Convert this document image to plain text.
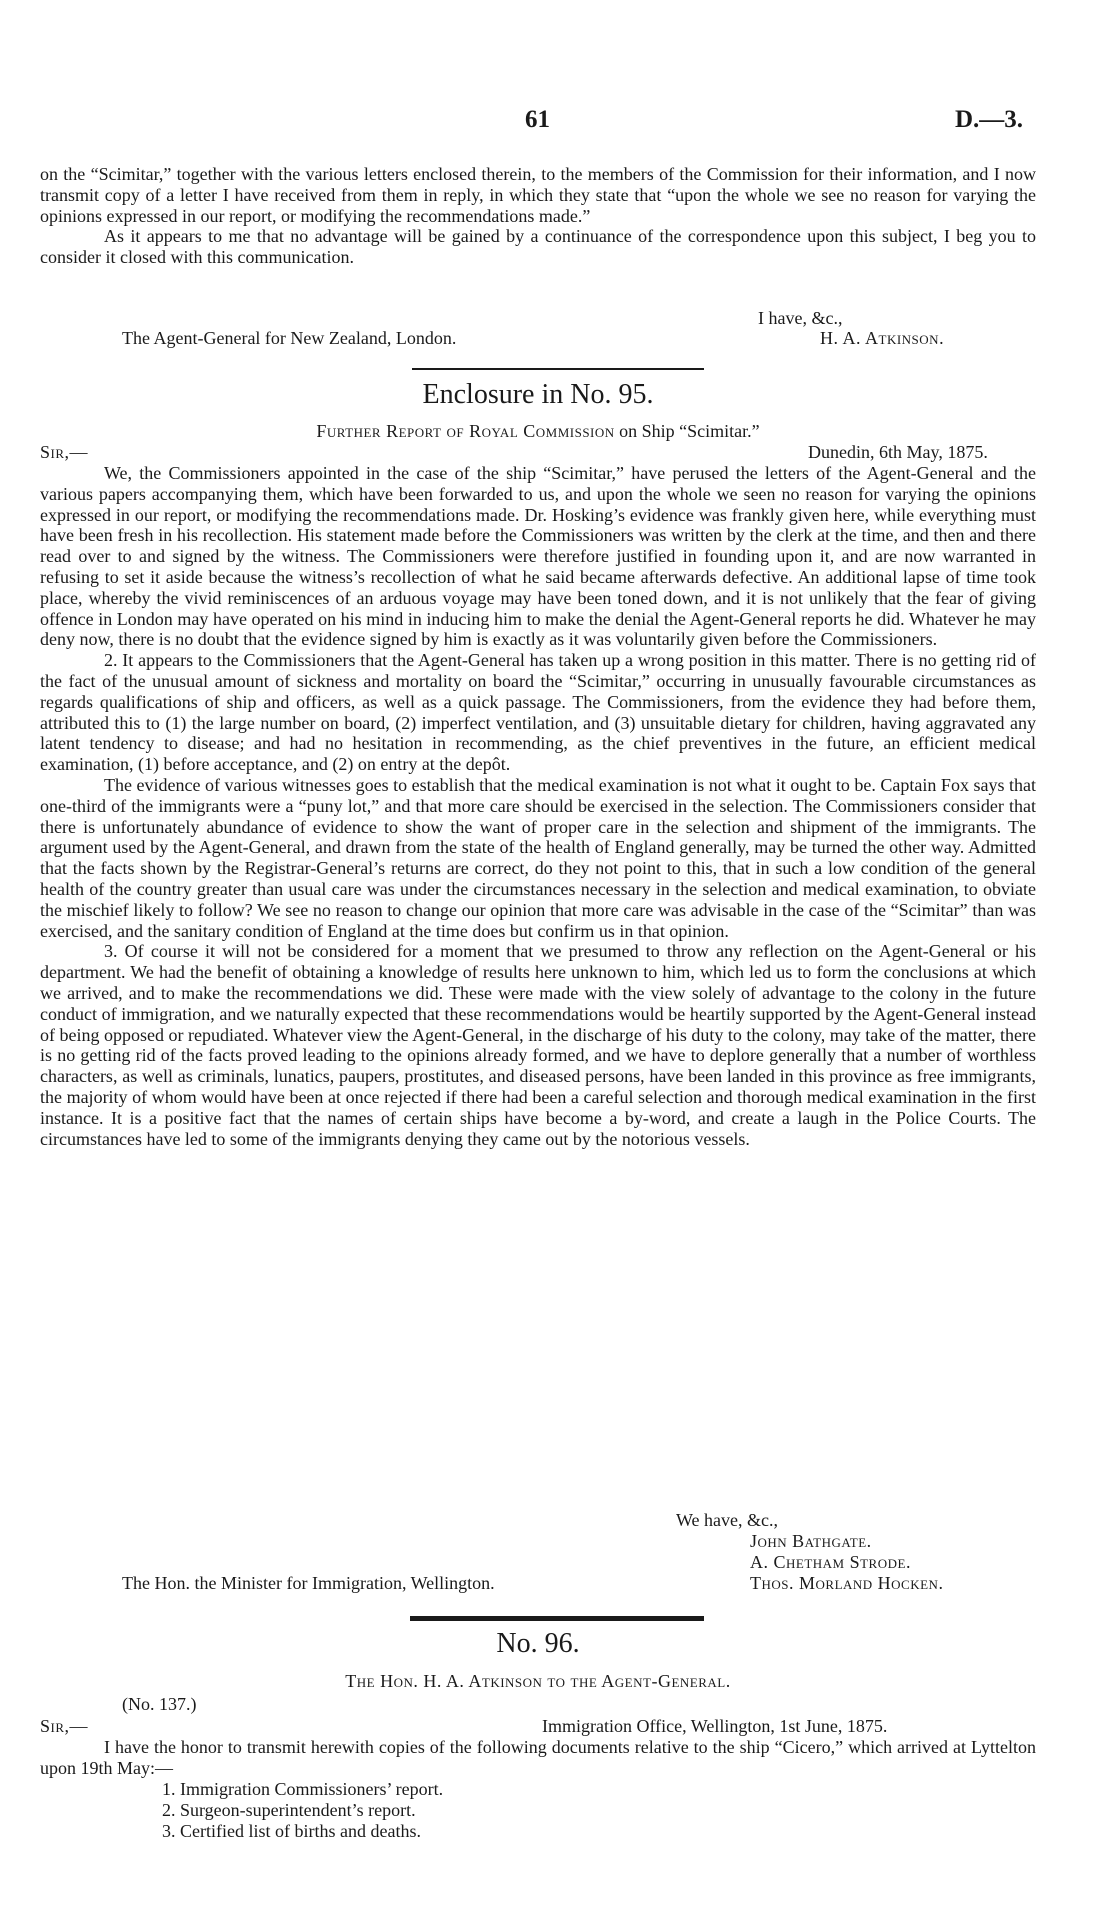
61	D.—3.

on the “Scimitar,” together with the various letters enclosed therein, to the members of the Commission for their information, and I now transmit copy of a letter I have received from them in reply, in which they state that “upon the whole we see no reason for varying the opinions expressed in our report, or modifying the recommendations made.”

As it appears to me that no advantage will be gained by a continuance of the correspondence upon this subject, I beg you to consider it closed with this communication.

I have, &c.,
The Agent-General for New Zealand, London.	H. A. Atkinson.
Enclosure in No. 95.
Further Report of Royal Commission on Ship “Scimitar.”
Sir,—	Dunedin, 6th May, 1875.

We, the Commissioners appointed in the case of the ship “Scimitar,” have perused the letters of the Agent-General and the various papers accompanying them, which have been forwarded to us, and upon the whole we seen no reason for varying the opinions expressed in our report, or modifying the recommendations made. Dr. Hosking’s evidence was frankly given here, while everything must have been fresh in his recollection. His statement made before the Commissioners was written by the clerk at the time, and then and there read over to and signed by the witness. The Commissioners were therefore justified in founding upon it, and are now warranted in refusing to set it aside because the witness’s recollection of what he said became afterwards defective. An additional lapse of time took place, whereby the vivid reminiscences of an arduous voyage may have been toned down, and it is not unlikely that the fear of giving offence in London may have operated on his mind in inducing him to make the denial the Agent-General reports he did. Whatever he may deny now, there is no doubt that the evidence signed by him is exactly as it was voluntarily given before the Commissioners.

2. It appears to the Commissioners that the Agent-General has taken up a wrong position in this matter. There is no getting rid of the fact of the unusual amount of sickness and mortality on board the “Scimitar,” occurring in unusually favourable circumstances as regards qualifications of ship and officers, as well as a quick passage. The Commissioners, from the evidence they had before them, attributed this to (1) the large number on board, (2) imperfect ventilation, and (3) unsuitable dietary for children, having aggravated any latent tendency to disease; and had no hesitation in recommending, as the chief preventives in the future, an efficient medical examination, (1) before acceptance, and (2) on entry at the depôt.

The evidence of various witnesses goes to establish that the medical examination is not what it ought to be. Captain Fox says that one-third of the immigrants were a “puny lot,” and that more care should be exercised in the selection. The Commissioners consider that there is unfortunately abundance of evidence to show the want of proper care in the selection and shipment of the immigrants. The argument used by the Agent-General, and drawn from the state of the health of England generally, may be turned the other way. Admitted that the facts shown by the Registrar-General’s returns are correct, do they not point to this, that in such a low condition of the general health of the country greater than usual care was under the circumstances necessary in the selection and medical examination, to obviate the mischief likely to follow? We see no reason to change our opinion that more care was advisable in the case of the “Scimitar” than was exercised, and the sanitary condition of England at the time does but confirm us in that opinion.

3. Of course it will not be considered for a moment that we presumed to throw any reflection on the Agent-General or his department. We had the benefit of obtaining a knowledge of results here unknown to him, which led us to form the conclusions at which we arrived, and to make the recommendations we did. These were made with the view solely of advantage to the colony in the future conduct of immigration, and we naturally expected that these recommendations would be heartily supported by the Agent-General instead of being opposed or repudiated. Whatever view the Agent-General, in the discharge of his duty to the colony, may take of the matter, there is no getting rid of the facts proved leading to the opinions already formed, and we have to deplore generally that a number of worthless characters, as well as criminals, lunatics, paupers, prostitutes, and diseased persons, have been landed in this province as free immigrants, the majority of whom would have been at once rejected if there had been a careful selection and thorough medical examination in the first instance. It is a positive fact that the names of certain ships have become a by-word, and create a laugh in the Police Courts. The circumstances have led to some of the immigrants denying they came out by the notorious vessels.

We have, &c.,
John Bathgate.
A. Chetham Strode.
The Hon. the Minister for Immigration, Wellington.	Thos. Morland Hocken.
No. 96.
The Hon. H. A. Atkinson to the Agent-General.
(No. 137.)
Sir,—	Immigration Office, Wellington, 1st June, 1875.

I have the honor to transmit herewith copies of the following documents relative to the ship “Cicero,” which arrived at Lyttelton upon 19th May:—

1. Immigration Commissioners’ report.
2. Surgeon-superintendent’s report.
3. Certified list of births and deaths.
